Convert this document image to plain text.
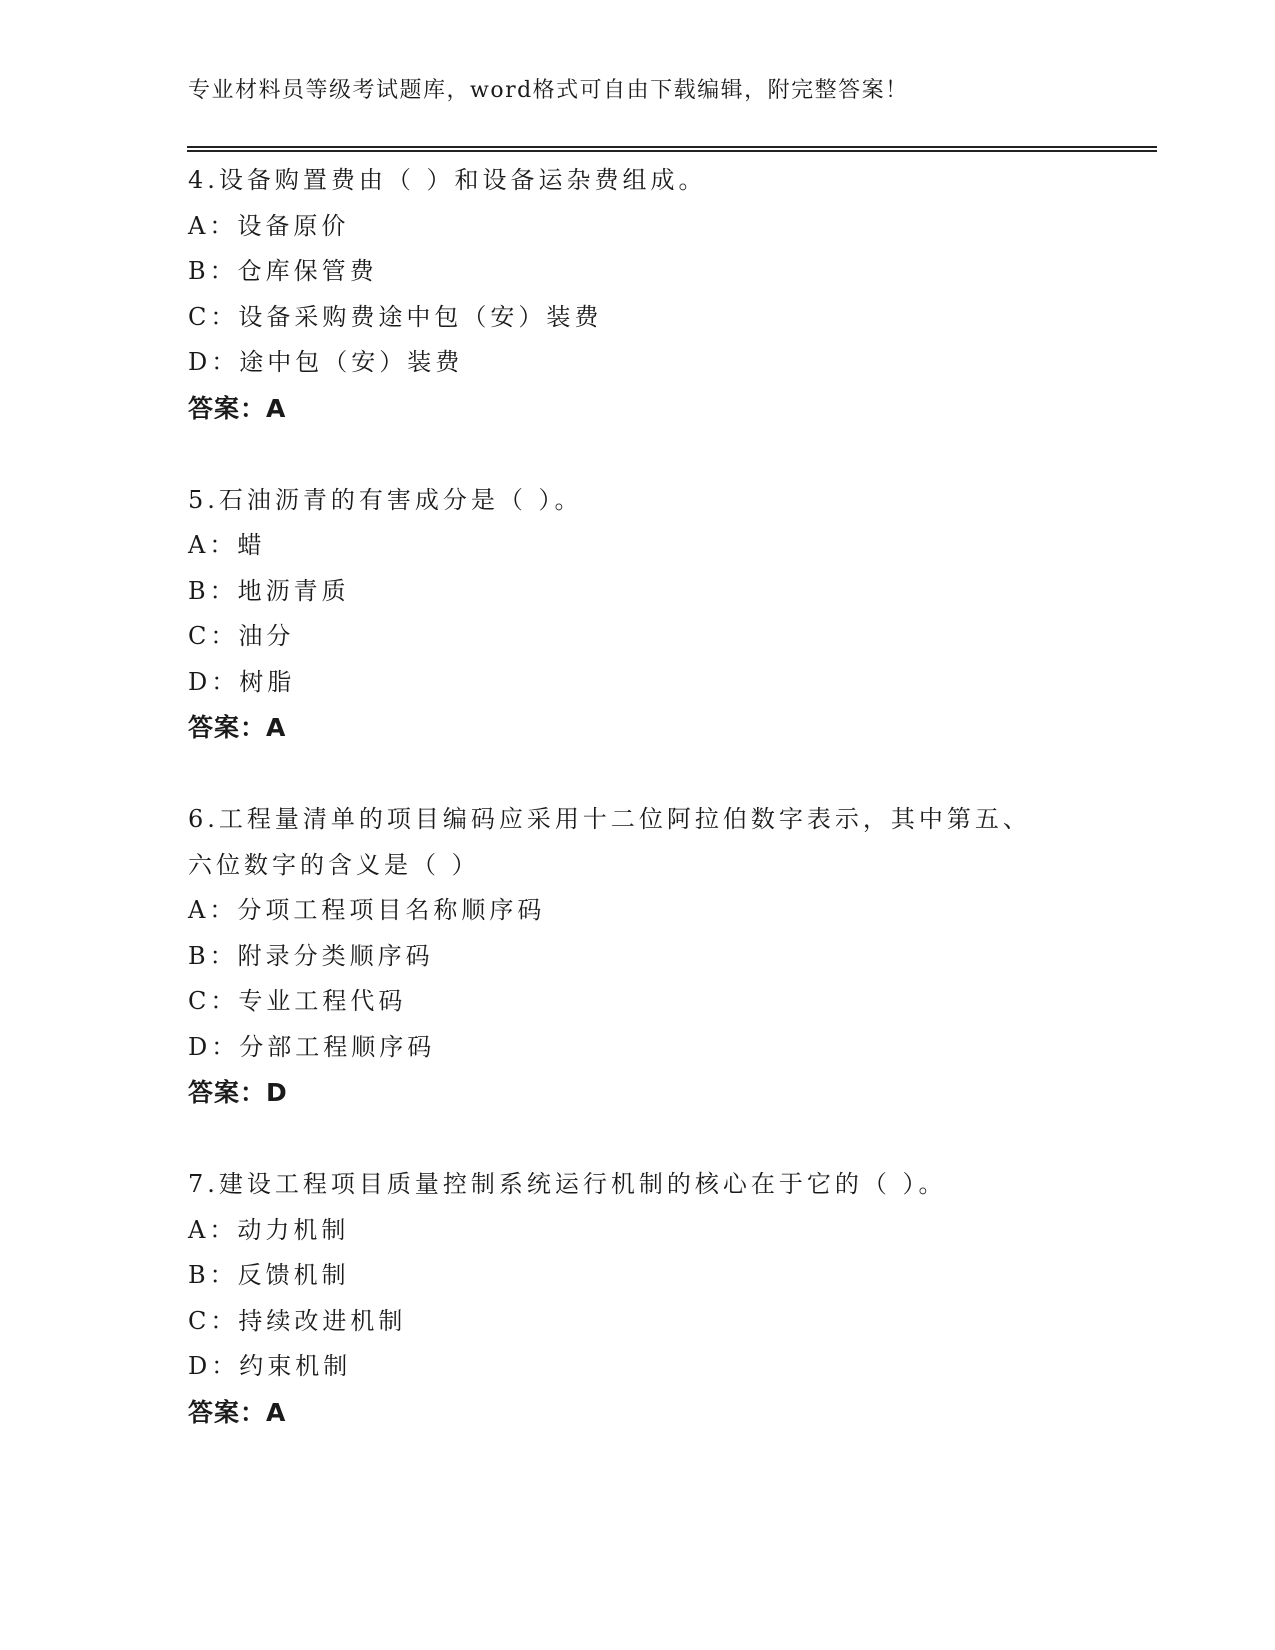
专业材料员等级考试题库，word格式可自由下载编辑，附完整答案！
4.设备购置费由（ ）和设备运杂费组成。
A：设备原价
B：仓库保管费
C：设备采购费途中包（安）装费
D：途中包（安）装费
答案：A
5.石油沥青的有害成分是（ ）。
A：蜡
B：地沥青质
C：油分
D：树脂
答案：A
6.工程量清单的项目编码应采用十二位阿拉伯数字表示，其中第五、
六位数字的含义是（ ）
A：分项工程项目名称顺序码
B：附录分类顺序码
C：专业工程代码
D：分部工程顺序码
答案：D
7.建设工程项目质量控制系统运行机制的核心在于它的（ ）。
A：动力机制
B：反馈机制
C：持续改进机制
D：约束机制
答案：A
